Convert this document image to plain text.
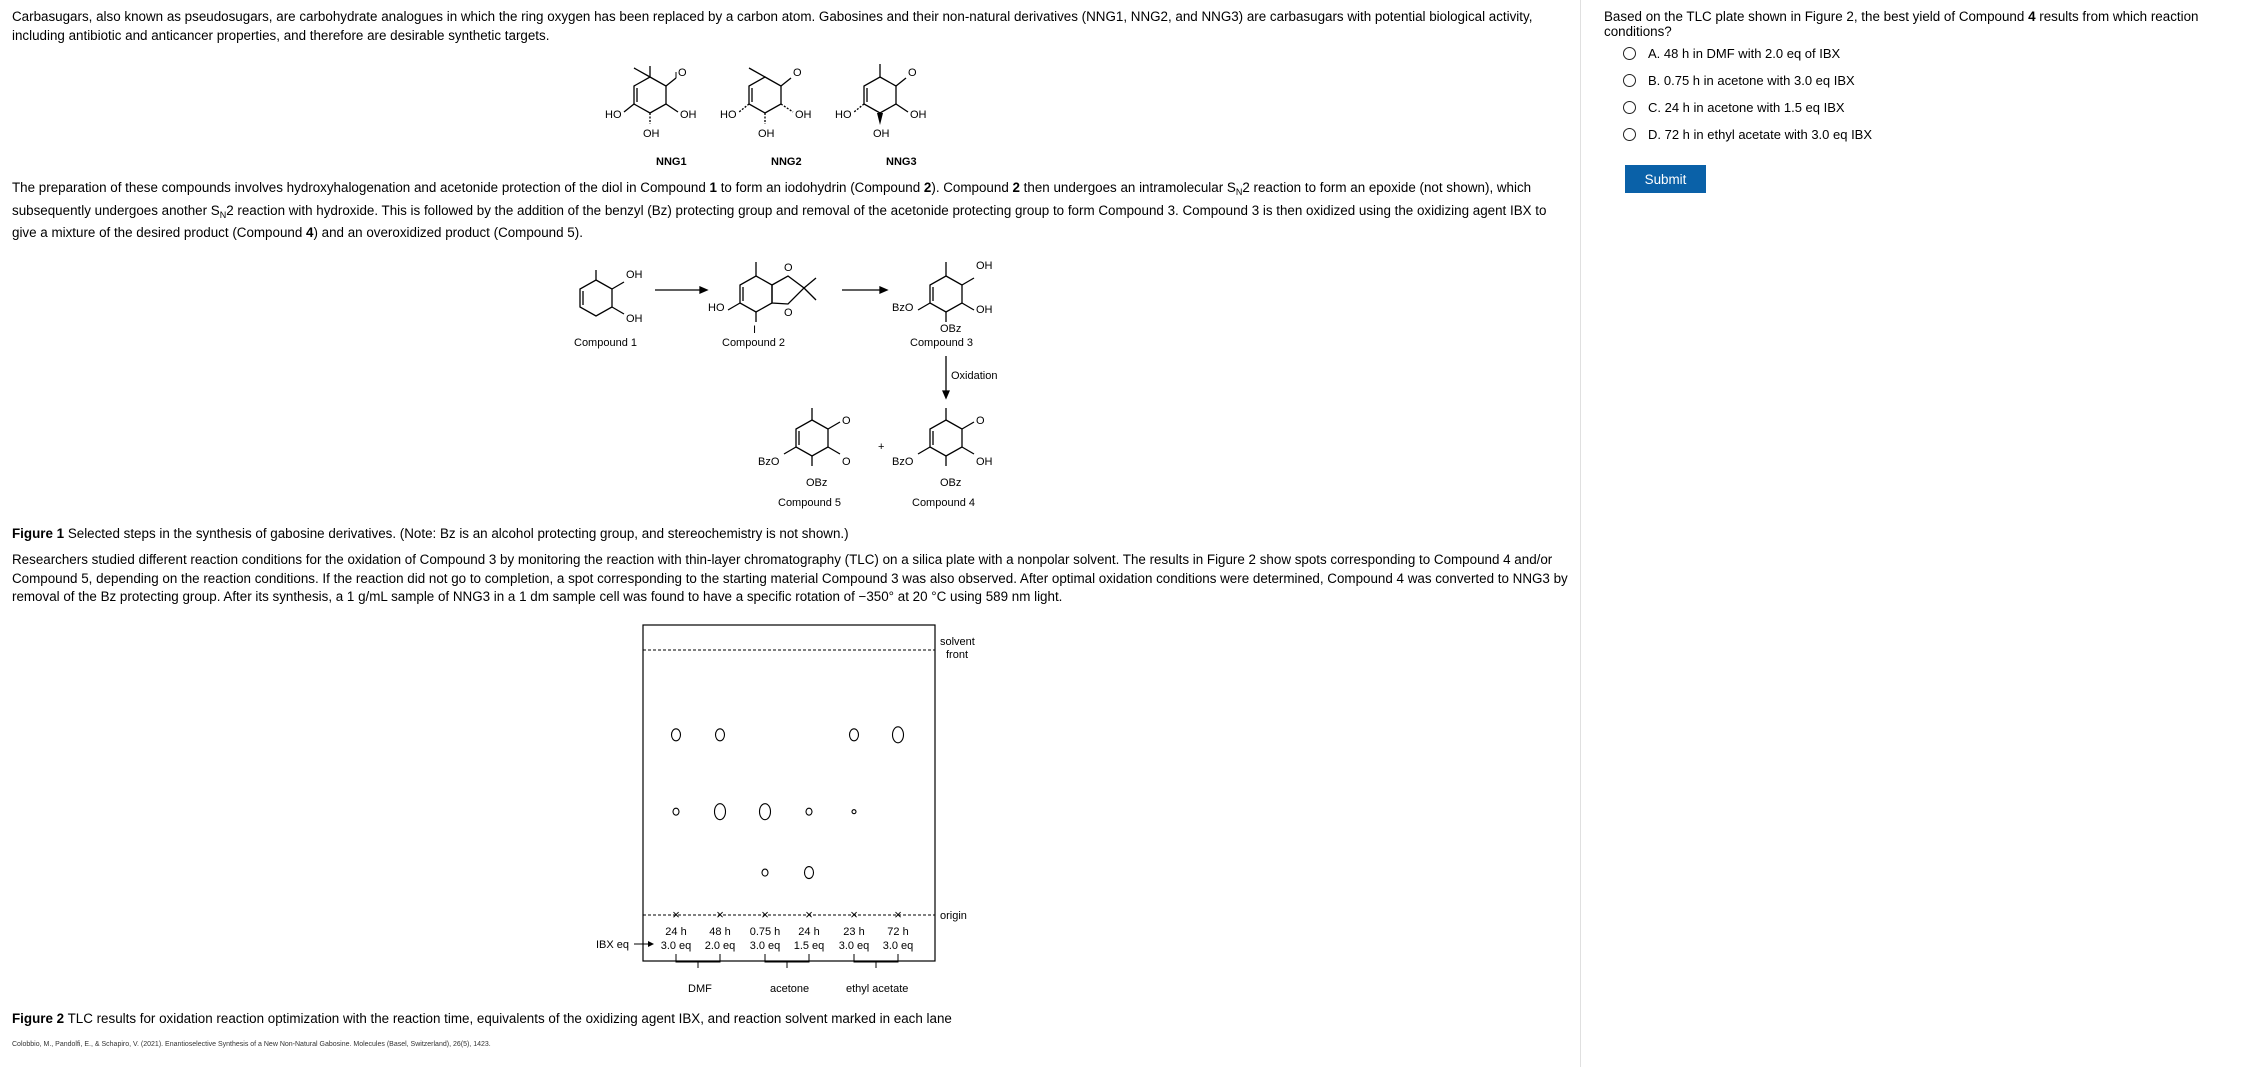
Carbasugars, also known as pseudosugars, are carbohydrate analogues in which the ring oxygen has been replaced by a carbon atom. Gabosines and their non-natural derivatives (NNG1, NNG2, and NNG3) are carbasugars with potential biological activity, including antibiotic and anticancer properties, and therefore are desirable synthetic targets.

O
OH
HO
OH
O
OH
HO
OH
O
OH
HO
OH
NNG1	NNG2	NNG3

The preparation of these compounds involves hydroxyhalogenation and acetonide protection of the diol in Compound 1 to form an iodohydrin (Compound 2). Compound 2 then undergoes an intramolecular $S_N2$ reaction to form an epoxide (not shown), which subsequently undergoes another $S_N2$ reaction with hydroxide. This is followed by the addition of the benzyl (Bz) protecting group and removal of the acetonide protecting group to form Compound 3. Compound 3 is then oxidized using the oxidizing agent IBX to give a mixture of the desired product (Compound 4) and an overoxidized product (Compound 5).

OH
OH
Compound 1
HO
I
O
O
Compound 2
OH
OH
BzO
OBz
Compound 3
Oxidation
O
O
BzO
OBz
+
O
OH
BzO
OBz
Compound 5	Compound 4

Figure 1 Selected steps in the synthesis of gabosine derivatives. (Note: Bz is an alcohol protecting group, and stereochemistry is not shown.)

Researchers studied different reaction conditions for the oxidation of Compound 3 by monitoring the reaction with thin-layer chromatography (TLC) on a silica plate with a nonpolar solvent. The results in Figure 2 show spots corresponding to Compound 4 and/or Compound 5, depending on the reaction conditions. If the reaction did not go to completion, a spot corresponding to the starting material Compound 3 was also observed. After optimal oxidation conditions were determined, Compound 4 was converted to NNG3 by removal of the Bz protecting group. After its synthesis, a 1 g/mL sample of NNG3 in a 1 dm sample cell was found to have a specific rotation of −350° at 20 °C using 589 nm light.

×
24 h
3.0 eq
×
48 h
2.0 eq
×
0.75 h
3.0 eq
×
24 h
1.5 eq
×
23 h
3.0 eq
×
72 h
3.0 eq
solvent
front
origin
IBX eq
DMF	acetone	ethyl acetate

Figure 2 TLC results for oxidation reaction optimization with the reaction time, equivalents of the oxidizing agent IBX, and reaction solvent marked in each lane

Colobbio, M., Pandolfi, E., & Schapiro, V. (2021). Enantioselective Synthesis of a New Non-Natural Gabosine. Molecules (Basel, Switzerland), 26(5), 1423.
Based on the TLC plate shown in Figure 2, the best yield of Compound 4 results from which reaction conditions?
A. 48 h in DMF with 2.0 eq of IBX
B. 0.75 h in acetone with 3.0 eq IBX
C. 24 h in acetone with 1.5 eq IBX
D. 72 h in ethyl acetate with 3.0 eq IBX
Submit
